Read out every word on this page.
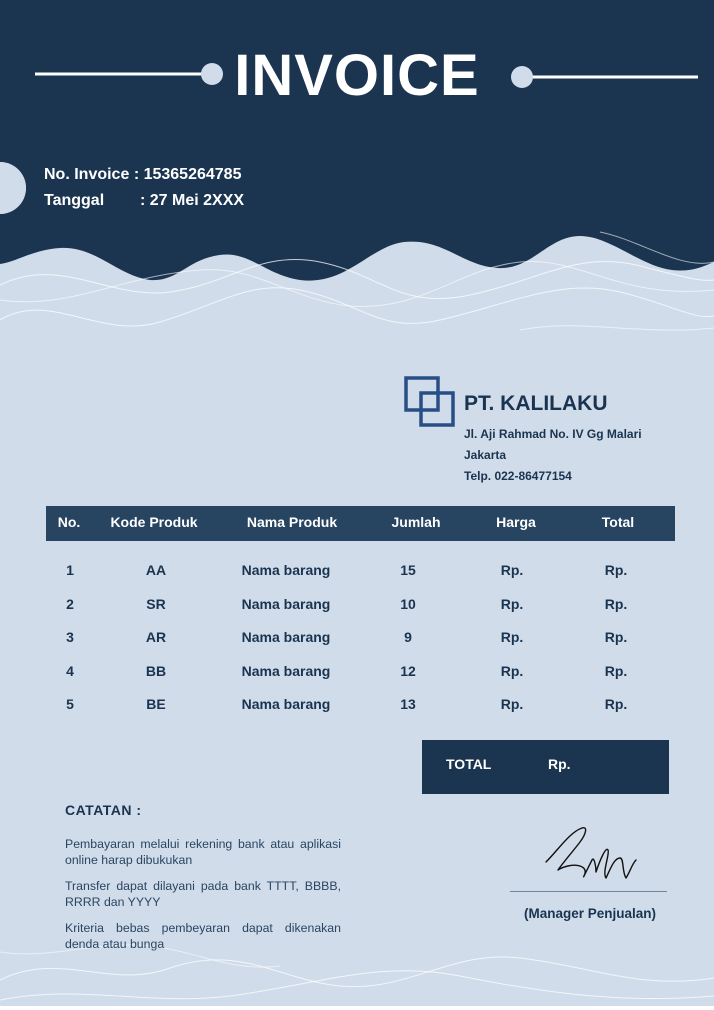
INVOICE
No. Invoice
: 15365264785
Tanggal	: 27 Mei 2XXX
PT. KALILAKU
Jl. Aji Rahmad No. IV Gg Malari
Jakarta
Telp. 022-86477154
No.	Kode Produk	Nama Produk	Jumlah	Harga	Total
1	AA	Nama barang	15	Rp.	Rp.
2	SR	Nama barang	10	Rp.	Rp.
3	AR	Nama barang	9	Rp.	Rp.
4	BB	Nama barang	12	Rp.	Rp.
5	BE	Nama barang	13	Rp.	Rp.
TOTAL	Rp.
CATATAN :

Pembayaran melalui rekening bank atau aplikasi online harap dibukukan

Transfer dapat dilayani pada bank TTTT, BBBB, RRRR dan YYYY

Kriteria bebas pembeyaran dapat dikenakan denda atau bunga

(Manager Penjualan)
